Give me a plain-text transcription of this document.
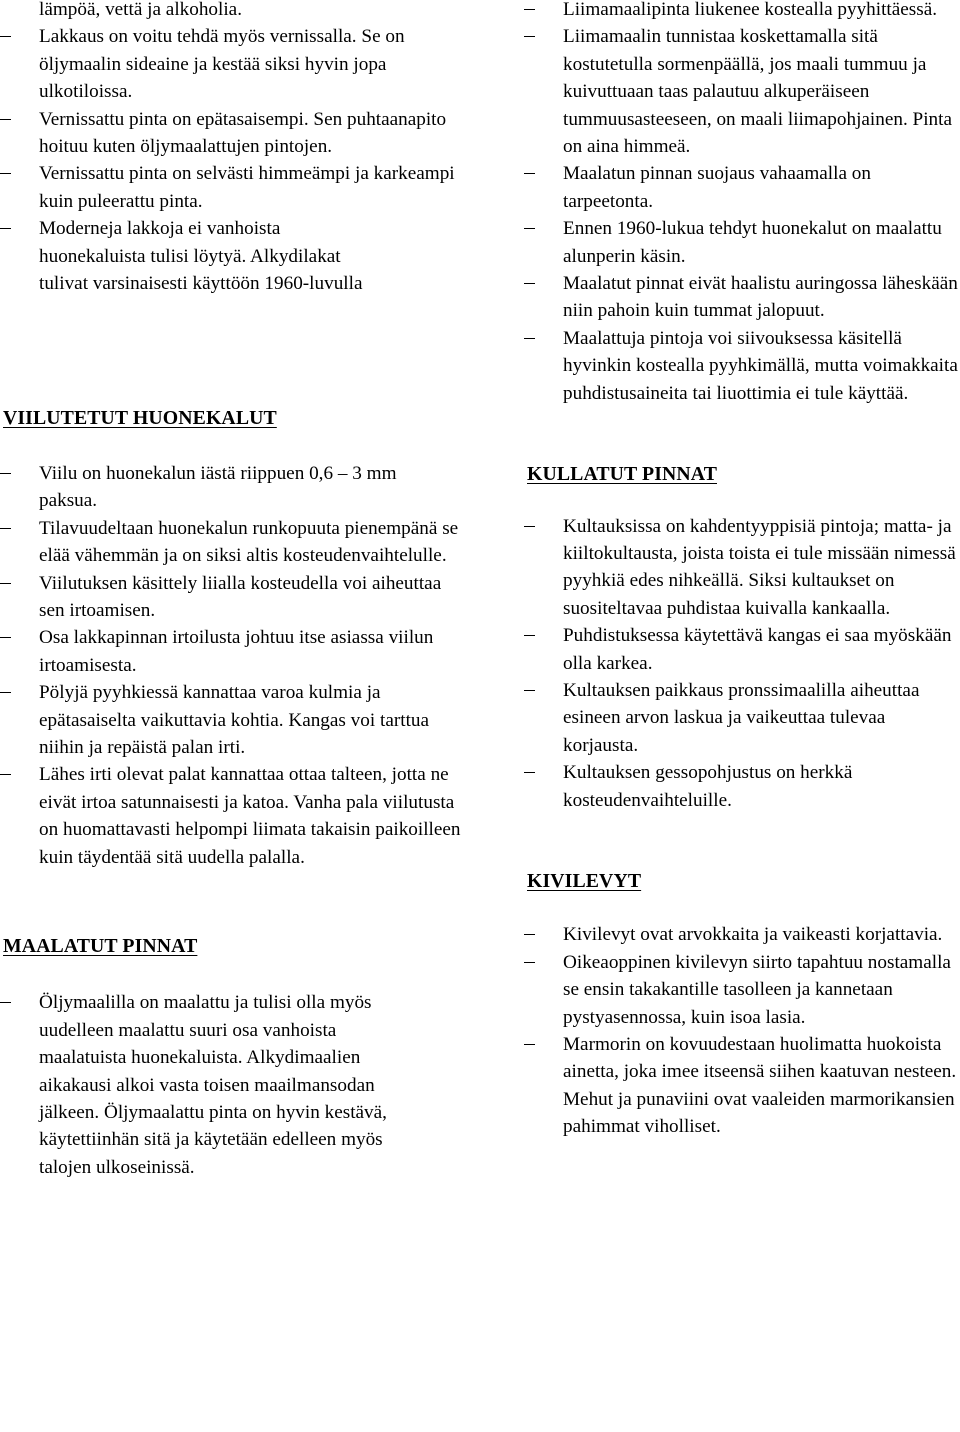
lämpöä, vettä ja alkoholia.

Lakkaus on voitu tehdä myös vernissalla. Se on öljymaalin sideaine ja kestää siksi hyvin jopa ulkotiloissa.
Vernissattu pinta on epätasaisempi. Sen puhtaanapito hoituu kuten öljymaalattujen pintojen.
Vernissattu pinta on selvästi himmeämpi ja karkeampi kuin puleerattu pinta.
Moderneja lakkoja ei vanhoista huonekaluista tulisi löytyä. Alkydilakat tulivat varsinaisesti käyttöön 1960-luvulla
VIILUTETUT HUONEKALUT
Viilu on huonekalun iästä riippuen 0,6 – 3 mm paksua.
Tilavuudeltaan huonekalun runkopuuta pienempänä se elää vähemmän ja on siksi altis kosteudenvaihtelulle.
Viilutuksen käsittely liialla kosteudella voi aiheuttaa sen irtoamisen.
Osa lakkapinnan irtoilusta johtuu itse asiassa viilun irtoamisesta.
Pölyjä pyyhkiessä kannattaa varoa kulmia ja epätasaiselta vaikuttavia kohtia. Kangas voi tarttua niihin ja repäistä palan irti.
Lähes irti olevat palat kannattaa ottaa talteen, jotta ne eivät irtoa satunnaisesti ja katoa. Vanha pala viilutusta on huomattavasti helpompi liimata takaisin paikoilleen kuin täydentää sitä uudella palalla.
MAALATUT PINNAT
Öljymaalilla on maalattu ja tulisi olla myös uudelleen maalattu suuri osa vanhoista maalatuista huonekaluista. Alkydimaalien aikakausi alkoi vasta toisen maailmansodan jälkeen. Öljymaalattu pinta on hyvin kestävä, käytettiinhän sitä ja käytetään edelleen myös talojen ulkoseinissä.
Liimamaalipinta liukenee kostealla pyyhittäessä.
Liimamaalin tunnistaa koskettamalla sitä kostutetulla sormenpäällä, jos maali tummuu ja kuivuttuaan taas palautuu alkuperäiseen tummuusasteeseen, on maali liimapohjainen. Pinta on aina himmeä.
Maalatun pinnan suojaus vahaamalla on tarpeetonta.
Ennen 1960-lukua tehdyt huonekalut on maalattu alunperin käsin.
Maalatut pinnat eivät haalistu auringossa läheskään niin pahoin kuin tummat jalopuut.
Maalattuja pintoja voi siivouksessa käsitellä hyvinkin kostealla pyyhkimällä, mutta voimakkaita puhdistusaineita tai liuottimia ei tule käyttää.
KULLATUT PINNAT
Kultauksissa on kahdentyyppisiä pintoja; matta- ja kiiltokultausta, joista toista ei tule missään nimessä pyyhkiä edes nihkeällä. Siksi kultaukset on suositeltavaa puhdistaa kuivalla kankaalla.
Puhdistuksessa käytettävä kangas ei saa myöskään olla karkea.
Kultauksen paikkaus pronssimaalilla aiheuttaa esineen arvon laskua ja vaikeuttaa tulevaa korjausta.
Kultauksen gessopohjustus on herkkä kosteudenvaihteluille.
KIVILEVYT
Kivilevyt ovat arvokkaita ja vaikeasti korjattavia.
Oikeaoppinen kivilevyn siirto tapahtuu nostamalla se ensin takakantille tasolleen ja kannetaan pystyasennossa, kuin isoa lasia.
Marmorin on kovuudestaan huolimatta huokoista ainetta, joka imee itseensä siihen kaatuvan nesteen. Mehut ja punaviini ovat vaaleiden marmorikansien pahimmat viholliset.
